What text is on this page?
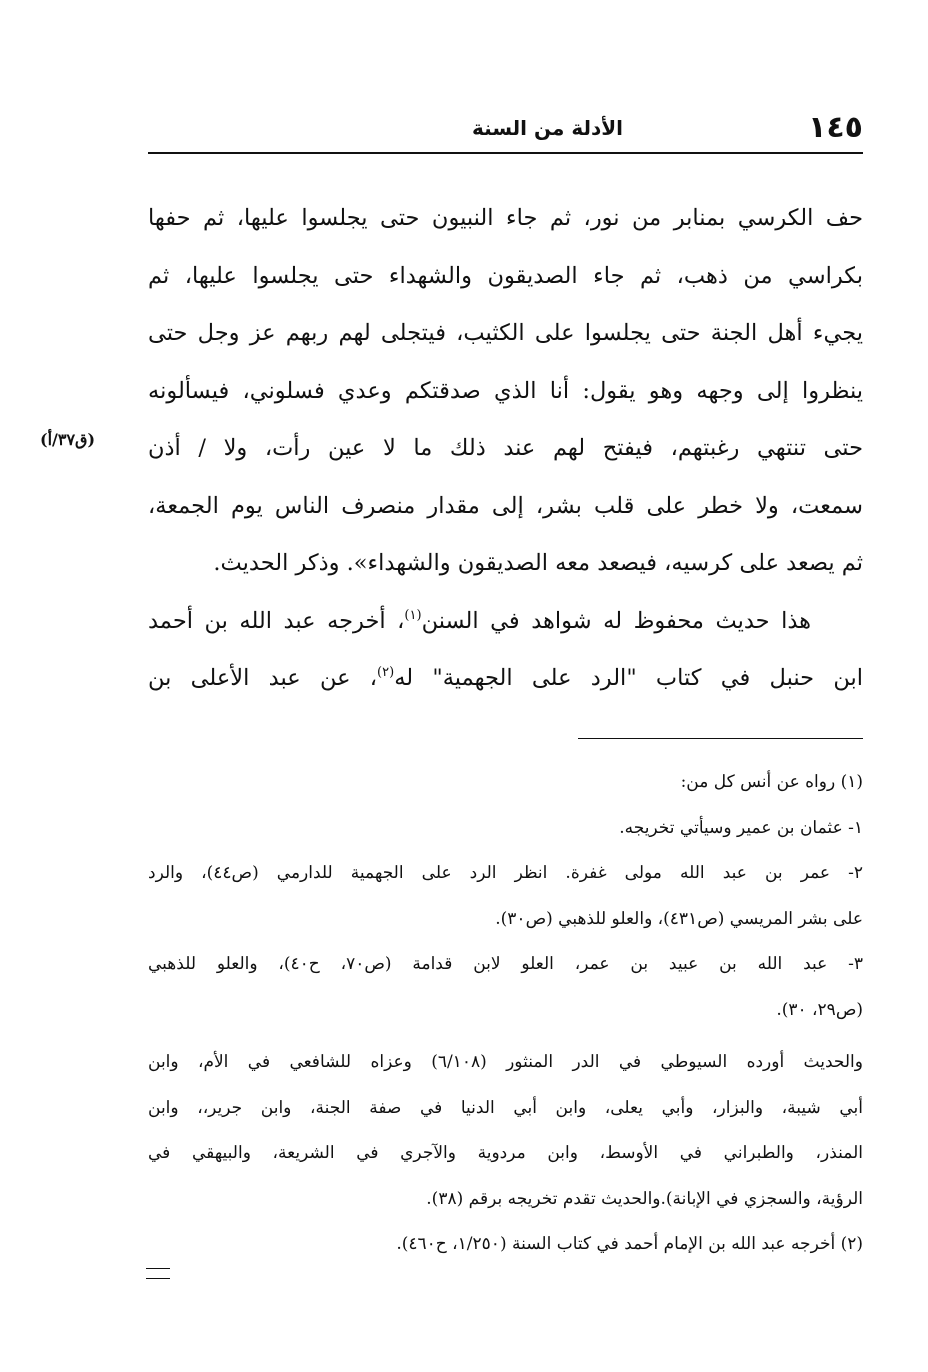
١٤٥
الأدلة من السنة
(ق٣٧/أ)
حف الكرسي بمنابر من نور، ثم جاء النبيون حتى يجلسوا عليها، ثم حفها
بكراسي من ذهب، ثم جاء الصديقون والشهداء حتى يجلسوا عليها، ثم
يجيء أهل الجنة حتى يجلسوا على الكثيب، فيتجلى لهم ربهم عز وجل حتى
ينظروا إلى وجهه وهو يقول: أنا الذي صدقتكم وعدي فسلوني، فيسألونه
حتى تنتهي رغبتهم، فيفتح لهم عند ذلك ما لا عين رأت، ولا / أذن
سمعت، ولا خطر على قلب بشر، إلى مقدار منصرف الناس يوم الجمعة،
ثم يصعد على كرسيه، فيصعد معه الصديقون والشهداء». وذكر الحديث.
هذا حديث محفوظ له شواهد في السنن$^{(١)}$، أخرجه عبد الله بن أحمد
ابن حنبل في كتاب "الرد على الجهمية" له$^{(٢)}$، عن عبد الأعلى بن
(١) رواه عن أنس كل من:
١- عثمان بن عمير وسيأتي تخريجه.
٢- عمر بن عبد الله مولى غفرة. انظر الرد على الجهمية للدارمي (ص٤٤)، والرد
على بشر المريسي (ص٤٣١)، والعلو للذهبي (ص٣٠).
٣- عبد الله بن عبيد بن عمر، العلو لابن قدامة (ص٧٠، ح٤٠)، والعلو للذهبي
(ص٢٩، ٣٠).
والحديث أورده السيوطي في الدر المنثور (٦/١٠٨) وعزاه للشافعي في الأم، وابن
أبي شيبة، والبزار، وأبي يعلى، وابن أبي الدنيا في صفة الجنة، وابن جرير،، وابن
المنذر، والطبراني في الأوسط، وابن مردوية والآجري في الشريعة، والبيهقي في
الرؤية، والسجزي في الإبانة).والحديث تقدم تخريجه برقم (٣٨).
(٢) أخرجه عبد الله بن الإمام أحمد في كتاب السنة (١/٢٥٠، ح٤٦٠).
